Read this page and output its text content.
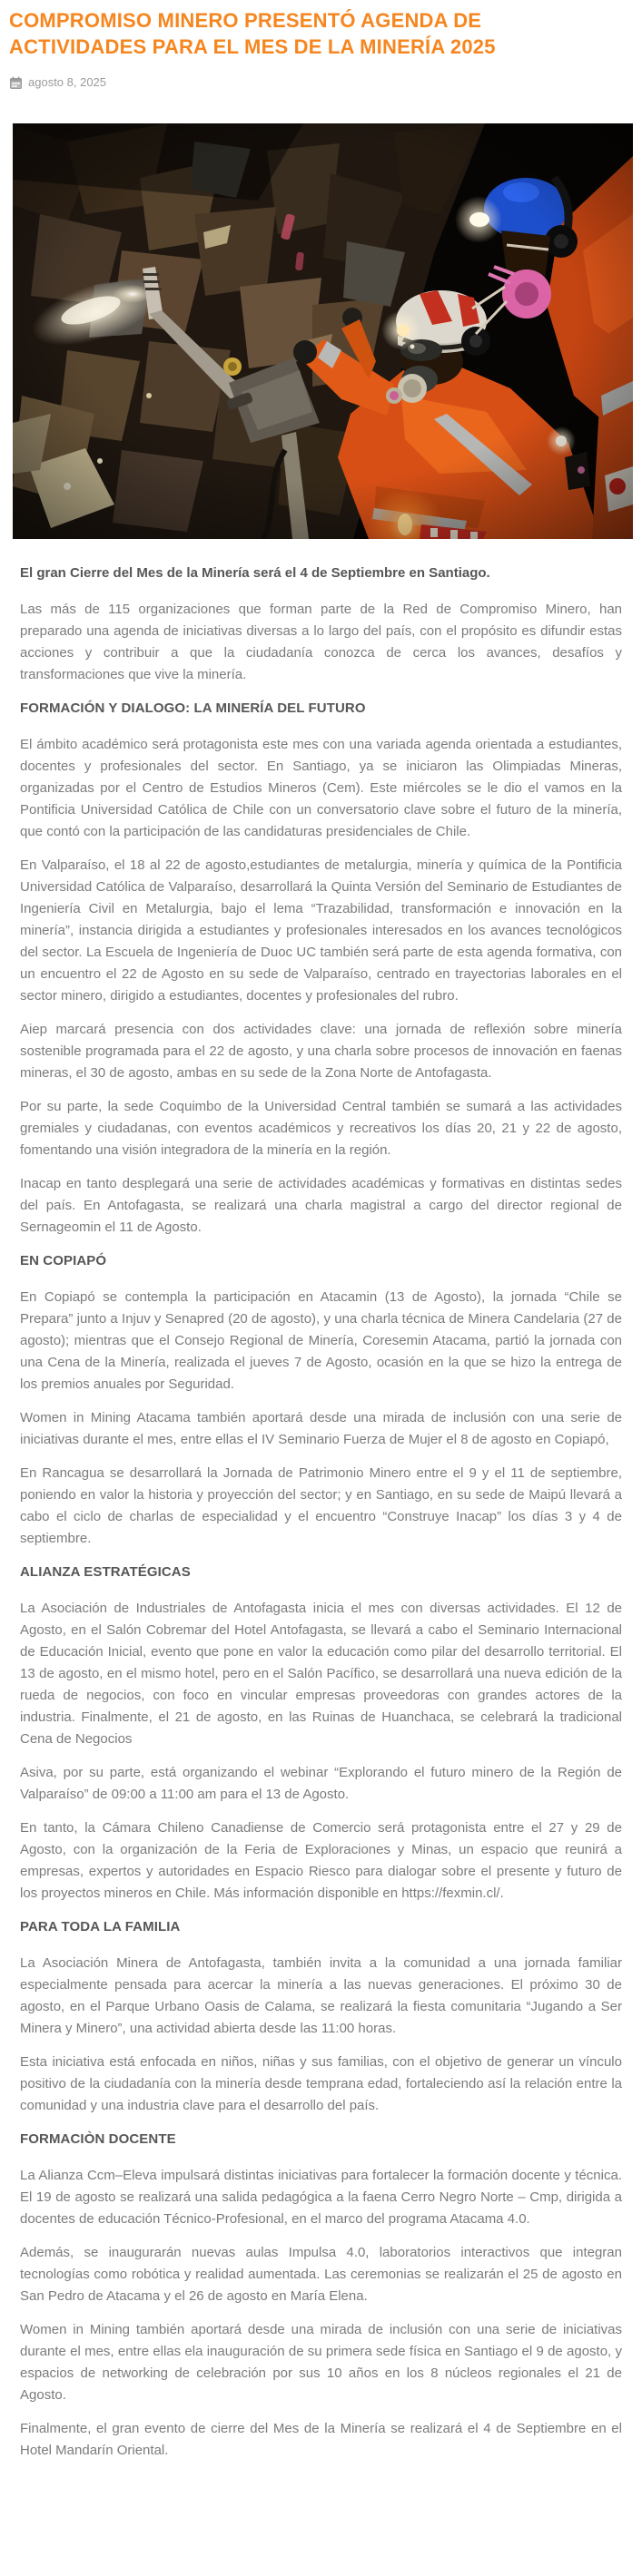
COMPROMISO MINERO PRESENTÓ AGENDA DE
ACTIVIDADES PARA EL MES DE LA MINERÍA 2025
agosto 8, 2025

El gran Cierre del Mes de la Minería será el 4 de Septiembre en Santiago.

Las más de 115 organizaciones que forman parte de la Red de Compromiso Minero, han preparado una agenda de iniciativas diversas a lo largo del país, con el propósito es difundir estas acciones y contribuir a que la ciudadanía conozca de cerca los avances, desafíos y transformaciones que vive la minería.

FORMACIÓN Y DIALOGO: LA MINERÍA DEL FUTURO

El ámbito académico será protagonista este mes con una variada agenda orientada a estudiantes, docentes y profesionales del sector. En Santiago, ya se iniciaron las Olimpiadas Mineras, organizadas por el Centro de Estudios Mineros (Cem). Este miércoles se le dio el vamos en la Pontificia Universidad Católica de Chile con un conversatorio clave sobre el futuro de la minería, que contó con la participación de las candidaturas presidenciales de Chile.

En Valparaíso, el 18 al 22 de agosto,estudiantes de metalurgia, minería y química de la Pontificia Universidad Católica de Valparaíso, desarrollará la Quinta Versión del Seminario de Estudiantes de Ingeniería Civil en Metalurgia, bajo el lema “Trazabilidad, transformación e innovación en la minería”, instancia dirigida a estudiantes y profesionales interesados en los avances tecnológicos del sector. La Escuela de Ingeniería de Duoc UC también será parte de esta agenda formativa, con un encuentro el 22 de Agosto en su sede de Valparaíso, centrado en trayectorias laborales en el sector minero, dirigido a estudiantes, docentes y profesionales del rubro.

Aiep marcará presencia con dos actividades clave: una jornada de reflexión sobre minería sostenible programada para el 22 de agosto, y una charla sobre procesos de innovación en faenas mineras, el 30 de agosto, ambas en su sede de la Zona Norte de Antofagasta.

Por su parte, la sede Coquimbo de la Universidad Central también se sumará a las actividades gremiales y ciudadanas, con eventos académicos y recreativos los días 20, 21 y 22 de agosto, fomentando una visión integradora de la minería en la región.

Inacap en tanto desplegará una serie de actividades académicas y formativas en distintas sedes del país. En Antofagasta, se realizará una charla magistral a cargo del director regional de Sernageomin el 11 de Agosto.

EN COPIAPÓ

En Copiapó se contempla la participación en Atacamin (13 de Agosto), la jornada “Chile se Prepara” junto a Injuv y Senapred (20 de agosto), y una charla técnica de Minera Candelaria (27 de agosto); mientras que el Consejo Regional de Minería, Coresemin Atacama, partió la jornada con una Cena de la Minería, realizada el jueves 7 de Agosto, ocasión en la que se hizo la entrega de los premios anuales por Seguridad.

Women in Mining Atacama también aportará desde una mirada de inclusión con una serie de iniciativas durante el mes, entre ellas el IV Seminario Fuerza de Mujer el 8 de agosto en Copiapó,

En Rancagua se desarrollará la Jornada de Patrimonio Minero entre el 9 y el 11 de septiembre, poniendo en valor la historia y proyección del sector; y en Santiago, en su sede de Maipú llevará a cabo el ciclo de charlas de especialidad y el encuentro “Construye Inacap” los días 3 y 4 de septiembre.

ALIANZA ESTRATÉGICAS

La Asociación de Industriales de Antofagasta inicia el mes con diversas actividades. El 12 de Agosto, en el Salón Cobremar del Hotel Antofagasta, se llevará a cabo el Seminario Internacional de Educación Inicial, evento que pone en valor la educación como pilar del desarrollo territorial. El 13 de agosto, en el mismo hotel, pero en el Salón Pacífico, se desarrollará una nueva edición de la rueda de negocios, con foco en vincular empresas proveedoras con grandes actores de la industria. Finalmente, el 21 de agosto, en las Ruinas de Huanchaca, se celebrará la tradicional Cena de Negocios

Asiva, por su parte, está organizando el webinar “Explorando el futuro minero de la Región de Valparaíso” de 09:00 a 11:00 am para el 13 de Agosto.

En tanto, la Cámara Chileno Canadiense de Comercio será protagonista entre el 27 y 29 de Agosto, con la organización de la Feria de Exploraciones y Minas, un espacio que reunirá a empresas, expertos y autoridades en Espacio Riesco para dialogar sobre el presente y futuro de los proyectos mineros en Chile. Más información disponible en https://fexmin.cl/.

PARA TODA LA FAMILIA

La Asociación Minera de Antofagasta, también invita a la comunidad a una jornada familiar especialmente pensada para acercar la minería a las nuevas generaciones. El próximo 30 de agosto, en el Parque Urbano Oasis de Calama, se realizará la fiesta comunitaria “Jugando a Ser Minera y Minero”, una actividad abierta desde las 11:00 horas.

Esta iniciativa está enfocada en niños, niñas y sus familias, con el objetivo de generar un vínculo positivo de la ciudadanía con la minería desde temprana edad, fortaleciendo así la relación entre la comunidad y una industria clave para el desarrollo del país.

FORMACIÒN DOCENTE

La Alianza Ccm–Eleva impulsará distintas iniciativas para fortalecer la formación docente y técnica. El 19 de agosto se realizará una salida pedagógica a la faena Cerro Negro Norte – Cmp, dirigida a docentes de educación Técnico-Profesional, en el marco del programa Atacama 4.0.

Además, se inaugurarán nuevas aulas Impulsa 4.0, laboratorios interactivos que integran tecnologías como robótica y realidad aumentada. Las ceremonias se realizarán el 25 de agosto en San Pedro de Atacama y el 26 de agosto en María Elena.

Women in Mining también aportará desde una mirada de inclusión con una serie de iniciativas durante el mes, entre ellas ela inauguración de su primera sede física en Santiago el 9 de agosto, y espacios de networking de celebración por sus 10 años en los 8 núcleos regionales el 21 de Agosto.

Finalmente, el gran evento de cierre del Mes de la Minería se realizará el 4 de Septiembre en el Hotel Mandarín Oriental.
